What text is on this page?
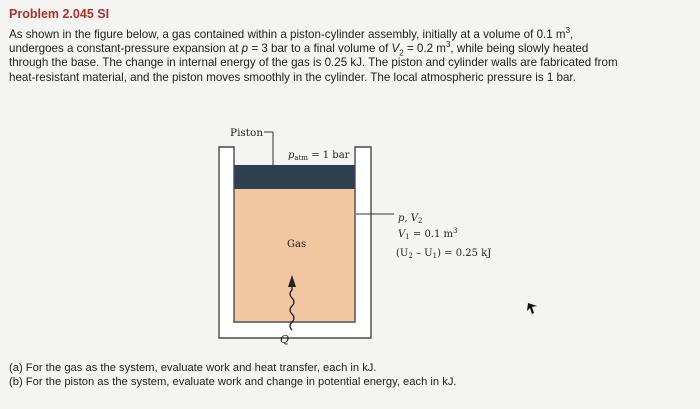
Problem 2.045 SI
As shown in the figure below, a gas contained within a piston-cylinder assembly, initially at a volume of 0.1 $m^3$,
undergoes a constant-pressure expansion at p = 3 bar to a final volume of $V_2 = 0.2$ $m^3$, while being slowly heated
through the base. The change in internal energy of the gas is 0.25 kJ. The piston and cylinder walls are fabricated from
heat-resistant material, and the piston moves smoothly in the cylinder. The local atmospheric pressure is 1 bar.
Piston
$p_{atm} = 1$ bar
Gas
p, $V_2$
$V_1 = 0.1$ $m^3$
$(U_2 - U_1) = 0.25$ kJ
Q
(a) For the gas as the system, evaluate work and heat transfer, each in kJ.
(b) For the piston as the system, evaluate work and change in potential energy, each in kJ.
